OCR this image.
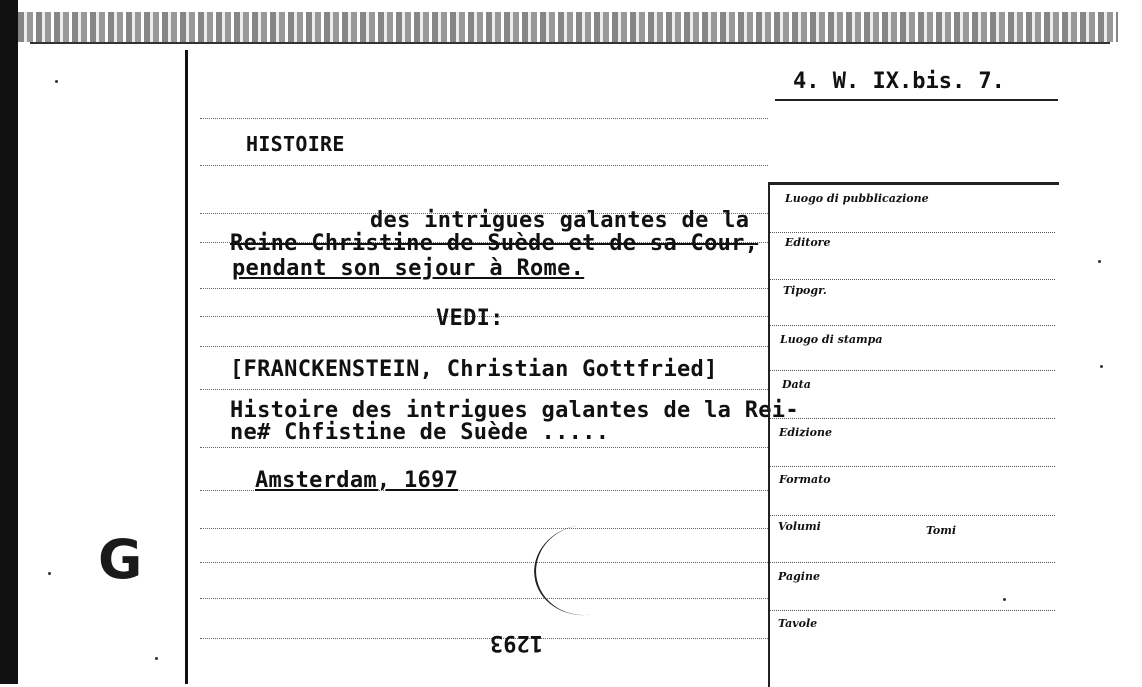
G
4. W. IX.bis. 7.
HISTOIRE
des intrigues galantes de la
Reine Christine de Suède et de sa Cour,
pendant son sejour à Rome.
VEDI:
[FRANCKENSTEIN, Christian Gottfried]
Histoire des intrigues galantes de la Rei-
ne# Chfistine de Suède .....
Amsterdam, 1697
Luogo di pubblicazione
Editore
Tipogr.
Luogo di stampa
Data
Edizione
Formato
Volumi	Tomi
Pagine
Tavole
1293
